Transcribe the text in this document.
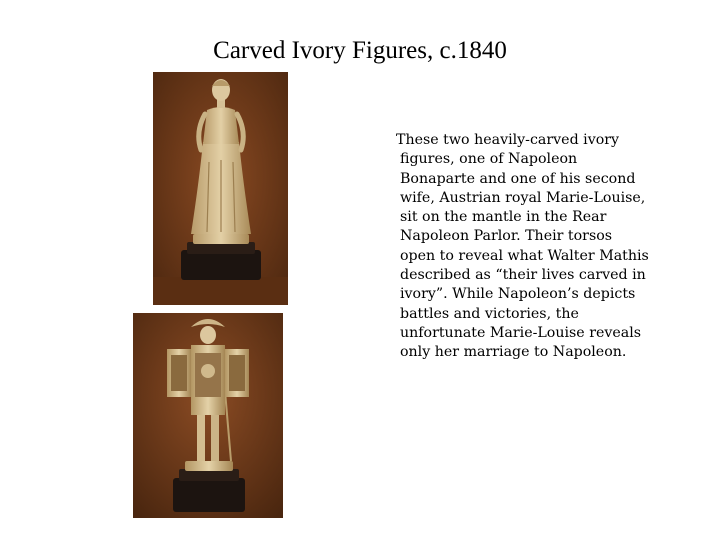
Carved Ivory Figures, c.1840
These two heavily-carved ivory
figures, one of Napoleon
Bonaparte and one of his second
wife, Austrian royal Marie-Louise,
sit on the mantle in the Rear
Napoleon Parlor. Their torsos
open to reveal what Walter Mathis
described as “their lives carved in
ivory”. While Napoleon’s depicts
battles and victories, the
unfortunate Marie-Louise reveals
only her marriage to Napoleon.
